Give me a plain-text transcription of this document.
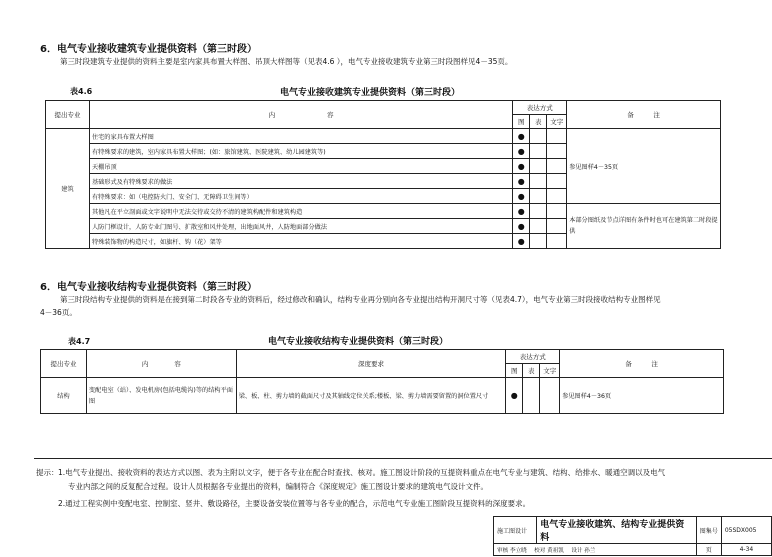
6．电气专业接收建筑专业提供资料（第三时段）
第三时段建筑专业提供的资料主要是室内家具布置大样图、吊顶大样图等（见表4.6 ），电气专业接收建筑专业第三时段图样见4－35页。
表4.6	电气专业接收建筑专业提供资料（第三时段）
提出专业	内　　　　　　　　容	表达方式			备　　　注
		图	表	文字	
建筑	住宅的家具布置大样图	●			参见图样4－35页
	有特殊要求的建筑，室内家具布置大样图；(如：旅馆建筑、医院建筑、幼儿园建筑等)	●			
	天棚吊顶	●			
	基础形式及有特殊要求的做法	●			
	有特殊要求：如（电控防火门、安全门、无障碍卫生间等）	●			
	其他凡在平立剖面或文字说明中无法交待或交待不清的建筑构配件和建筑构造	●			本部分图纸及节点详图有条件时也可在建筑第二时段提供
	人防门框设计，人防专业门图号、扩散室和风井处理，出地面风井，人防地面部分做法	●			
	特殊装饰物的构造尺寸，如旗杆、钩（花）架等	●			
6．电气专业接收结构专业提供资料（第三时段）
第三时段结构专业提供的资料是在接到第二时段各专业的资料后，经过修改和确认，结构专业再分别向各专业提出结构开洞尺寸等（见表4.7），电气专业第三时段接收结构专业图样见
4－36页。
表4.7	电气专业接收结构专业提供资料（第三时段）
提出专业	内　　　　容	深度要求	表达方式			备　　　注
			图	表	文字	
结构	变配电室（站）、发电机房(包括电缆沟)等的结构平面图	梁、板、柱、剪力墙的截面尺寸及其轴线定位关系;楼板、梁、剪力墙需要留置的洞位置尺寸	●			参见图样4－36页
提示： 1.电气专业提出、接收资料的表达方式以图、表为主附以文字，便于各专业在配合时查找、核对。施工图设计阶段的互提资料重点在电气专业与建筑、结构、给排水、暖通空调以及电气
专业内部之间的反复配合过程。设计人员根据各专业提出的资料，编制符合《深度规定》施工图设计要求的建筑电气设计文件。
2.通过工程实例中变配电室、控制室、竖井、敷设路径，主要设备安装位置等与各专业的配合，示范电气专业施工图阶段互提资料的深度要求。
施工图设计	电气专业接收建筑、结构专业提供资料	图集号	05SDX005
审核 李立晓　 校对 黄祖凯　 设计 孙兰		页	4-34
